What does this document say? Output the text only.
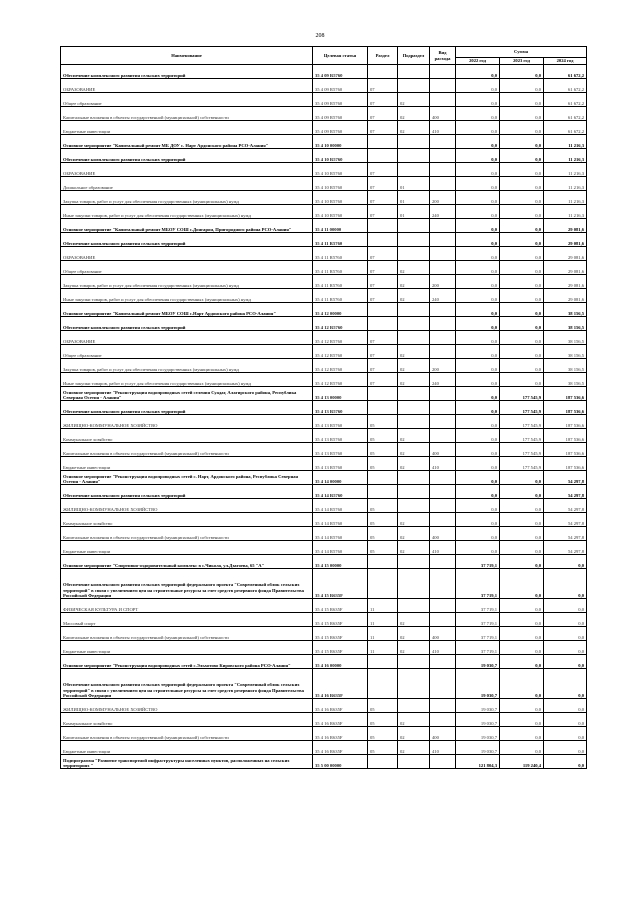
208
Наименование	Целевая статья	Раздел	Подраздел	Вид расхода	Сумма		
					2022 год	2023 год	2024 год
Обеспечение комплексного развития сельских территорий	35 4 09 R5760				0,0	0,0	61 672,2
ОБРАЗОВАНИЕ	35 4 09 R5760	07			0,0	0,0	61 672,2
Общее образование	35 4 09 R5760	07	02		0,0	0,0	61 672,2
Капитальные вложения в объекты государственной (муниципальной) собственности	35 4 09 R5760	07	02	400	0,0	0,0	61 672,2
Бюджетные инвестиции	35 4 09 R5760	07	02	410	0,0	0,0	61 672,2
Основное мероприятие "Капитальный ремонт МБ ДОУ с. Нарт Ардонского района РСО-Алания"	35 4 10 00000				0,0	0,0	11 216,3
Обеспечение комплексного развития сельских территорий	35 4 10 R5760				0,0	0,0	11 216,3
ОБРАЗОВАНИЕ	35 4 10 R5760	07			0,0	0,0	11 216,3
Дошкольное образование	35 4 10 R5760	07	01		0,0	0,0	11 216,3
Закупка товаров, работ и услуг для обеспечения государственных (муниципальных) нужд	35 4 10 R5760	07	01	200	0,0	0,0	11 216,3
Иные закупки товаров, работ и услуг для обеспечения государственных (муниципальных) нужд	35 4 10 R5760	07	01	240	0,0	0,0	11 216,3
Основное мероприятие "Капитальный ремонт МБОУ СОШ с.Донгарон, Пригородного района РСО-Алания"	35 4 11 00000				0,0	0,0	29 081,6
Обеспечение комплексного развития сельских территорий	35 4 11 R5760				0,0	0,0	29 081,6
ОБРАЗОВАНИЕ	35 4 11 R5760	07			0,0	0,0	29 081,6
Общее образование	35 4 11 R5760	07	02		0,0	0,0	29 081,6
Закупка товаров, работ и услуг для обеспечения государственных (муниципальных) нужд	35 4 11 R5760	07	02	200	0,0	0,0	29 081,6
Иные закупки товаров, работ и услуг для обеспечения государственных (муниципальных) нужд	35 4 11 R5760	07	02	240	0,0	0,0	29 081,6
Основное мероприятие "Капитальный ремонт МБОУ СОШ с.Нарт Ардонского района РСО-Алания"	35 4 12 00000				0,0	0,0	38 156,5
Обеспечение комплексного развития сельских территорий	35 4 12 R5760				0,0	0,0	38 156,5
ОБРАЗОВАНИЕ	35 4 12 R5760	07			0,0	0,0	38 156,5
Общее образование	35 4 12 R5760	07	02		0,0	0,0	38 156,5
Закупка товаров, работ и услуг для обеспечения государственных (муниципальных) нужд	35 4 12 R5760	07	02	200	0,0	0,0	38 156,5
Иные закупки товаров, работ и услуг для обеспечения государственных (муниципальных) нужд	35 4 12 R5760	07	02	240	0,0	0,0	38 156,5
Основное мероприятие "Реконструкция водопроводных сетей селения Суадаг, Алагирского района, Республика Северная Осетия - Алания"	35 4 13 00000				0,0	177 545,9	187 536,6
Обеспечение комплексного развития сельских территорий	35 4 13 R5760				0,0	177 545,9	187 536,6
ЖИЛИЩНО-КОММУНАЛЬНОЕ ХОЗЯЙСТВО	35 4 13 R5760	05			0,0	177 545,9	187 536,6
Коммунальное хозяйство	35 4 13 R5760	05	02		0,0	177 545,9	187 536,6
Капитальные вложения в объекты государственной (муниципальной) собственности	35 4 13 R5760	05	02	400	0,0	177 545,9	187 536,6
Бюджетные инвестиции	35 4 13 R5760	05	02	410	0,0	177 545,9	187 536,6
Основное мероприятие "Реконструкция водопроводных сетей с. Нарт, Ардонского района, Республика Северная Осетия - Алания"	35 4 14 00000				0,0	0,0	54 297,8
Обеспечение комплексного развития сельских территорий	35 4 14 R5760				0,0	0,0	54 297,8
ЖИЛИЩНО-КОММУНАЛЬНОЕ ХОЗЯЙСТВО	35 4 14 R5760	05			0,0	0,0	54 297,8
Коммунальное хозяйство	35 4 14 R5760	05	02		0,0	0,0	54 297,8
Капитальные вложения в объекты государственной (муниципальной) собственности	35 4 14 R5760	05	02	400	0,0	0,0	54 297,8
Бюджетные инвестиции	35 4 14 R5760	05	02	410	0,0	0,0	54 297,8
Основное мероприятие "Спортивно-оздоровительный комплекс в с.Чикола, ул.Дзагоева, 65 "А"	35 4 15 00000				37 719,1	0,0	0,0
Обеспечение комплексного развития сельских территорий федерального проекта "Современный облик сельских территорий" в связи с увеличением цен на строительные ресурсы за счет средств резервного фонда Правительства Российской Федерации	35 4 15 R635F				37 719,1	0,0	0,0
ФИЗИЧЕСКАЯ КУЛЬТУРА И СПОРТ	35 4 15 R635F	11			37 719,1	0,0	0,0
Массовый спорт	35 4 15 R635F	11	02		37 719,1	0,0	0,0
Капитальные вложения в объекты государственной (муниципальной) собственности	35 4 15 R635F	11	02	400	37 719,1	0,0	0,0
Бюджетные инвестиции	35 4 15 R635F	11	02	410	37 719,1	0,0	0,0
Основное мероприятие "Реконструкция водопроводных сетей с.Эльхотово Кировского района РСО-Алания"	35 4 16 00000				19 030,7	0,0	0,0
Обеспечение комплексного развития сельских территорий федерального проекта "Современный облик сельских территорий" в связи с увеличением цен на строительные ресурсы за счет средств резервного фонда Правительства Российской Федерации	35 4 16 R635F				19 030,7	0,0	0,0
ЖИЛИЩНО-КОММУНАЛЬНОЕ ХОЗЯЙСТВО	35 4 16 R635F	05			19 030,7	0,0	0,0
Коммунальное хозяйство	35 4 16 R635F	05	02		19 030,7	0,0	0,0
Капитальные вложения в объекты государственной (муниципальной) собственности	35 4 16 R635F	05	02	400	19 030,7	0,0	0,0
Бюджетные инвестиции	35 4 16 R635F	05	02	410	19 030,7	0,0	0,0
Подпрограмма "Развитие транспортной инфраструктуры населенных пунктов, расположенных на сельских территориях "	35 5 00 00000				121 804,3	119 240,4	0,0
